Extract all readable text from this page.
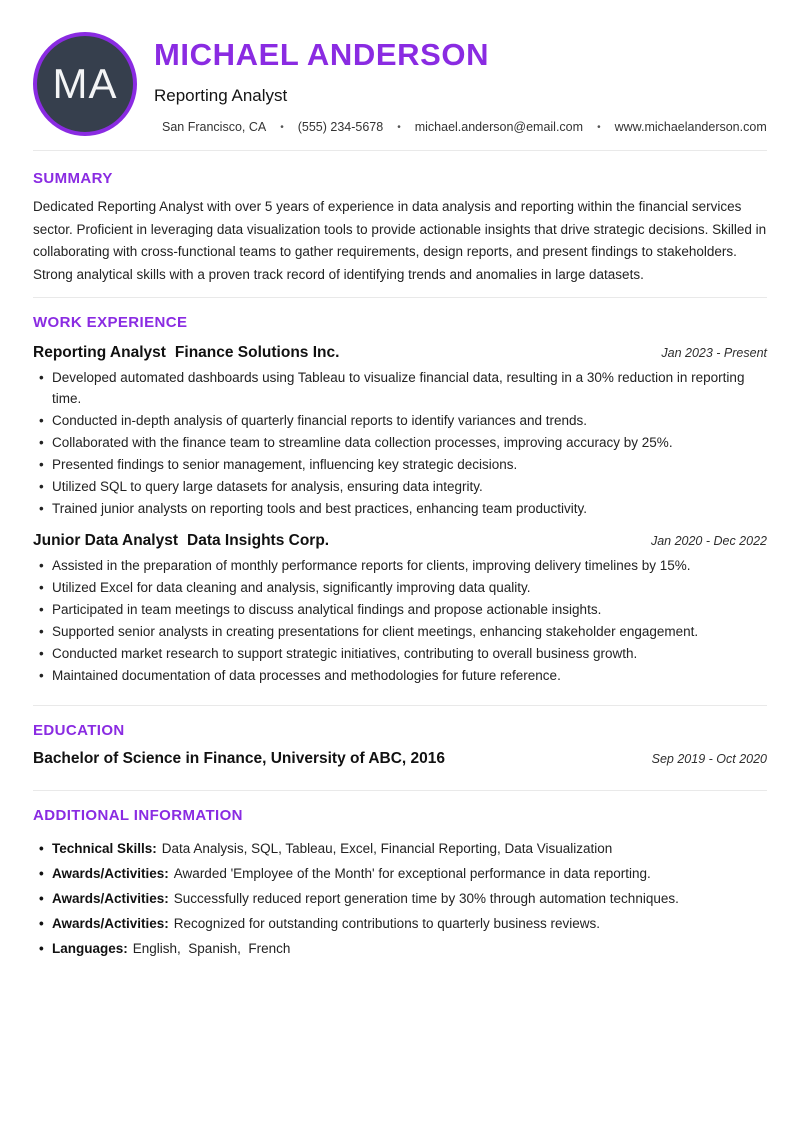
MA
MICHAEL ANDERSON
Reporting Analyst
San Francisco, CA • (555) 234-5678 • michael.anderson@email.com • www.michaelanderson.com
SUMMARY

Dedicated Reporting Analyst with over 5 years of experience in data analysis and reporting within the financial services sector. Proficient in leveraging data visualization tools to provide actionable insights that drive strategic decisions. Skilled in collaborating with cross-functional teams to gather requirements, design reports, and present findings to stakeholders. Strong analytical skills with a proven track record of identifying trends and anomalies in large datasets.

WORK EXPERIENCE
Reporting Analyst Finance Solutions Inc.	Jan 2023 - Present
• Developed automated dashboards using Tableau to visualize financial data, resulting in a 30% reduction in reporting time.
• Conducted in-depth analysis of quarterly financial reports to identify variances and trends.
• Collaborated with the finance team to streamline data collection processes, improving accuracy by 25%.
• Presented findings to senior management, influencing key strategic decisions.
• Utilized SQL to query large datasets for analysis, ensuring data integrity.
• Trained junior analysts on reporting tools and best practices, enhancing team productivity.
Junior Data Analyst Data Insights Corp.	Jan 2020 - Dec 2022
• Assisted in the preparation of monthly performance reports for clients, improving delivery timelines by 15%.
• Utilized Excel for data cleaning and analysis, significantly improving data quality.
• Participated in team meetings to discuss analytical findings and propose actionable insights.
• Supported senior analysts in creating presentations for client meetings, enhancing stakeholder engagement.
• Conducted market research to support strategic initiatives, contributing to overall business growth.
• Maintained documentation of data processes and methodologies for future reference.
EDUCATION
Bachelor of Science in Finance, University of ABC, 2016	Sep 2019 - Oct 2020
ADDITIONAL INFORMATION
• Technical Skills: Data Analysis, SQL, Tableau, Excel, Financial Reporting, Data Visualization
• Awards/Activities: Awarded 'Employee of the Month' for exceptional performance in data reporting.
• Awards/Activities: Successfully reduced report generation time by 30% through automation techniques.
• Awards/Activities: Recognized for outstanding contributions to quarterly business reviews.
• Languages: English,  Spanish,  French
